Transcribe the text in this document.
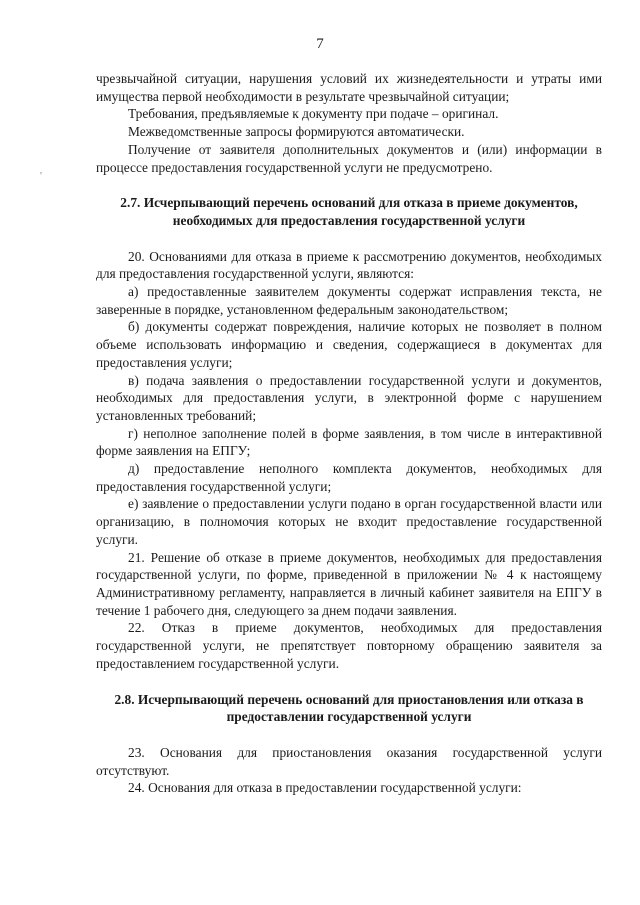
7
'

чрезвычайной ситуации, нарушения условий их жизнедеятельности и утраты ими имущества первой необходимости в результате чрезвычайной ситуации;

Требования, предъявляемые к документу при подаче – оригинал.

Межведомственные запросы формируются автоматически.

Получение от заявителя дополнительных документов и (или) информации в процессе предоставления государственной услуги не предусмотрено.

2.7. Исчерпывающий перечень оснований для отказа в приеме документов, необходимых для предоставления государственной услуги

20. Основаниями для отказа в приеме к рассмотрению документов, необходимых для предоставления государственной услуги, являются:

а) предоставленные заявителем документы содержат исправления текста, не заверенные в порядке, установленном федеральным законодательством;

б) документы содержат повреждения, наличие которых не позволяет в полном объеме использовать информацию и сведения, содержащиеся в документах для предоставления услуги;

в) подача заявления о предоставлении государственной услуги и документов, необходимых для предоставления услуги, в электронной форме с нарушением установленных требований;

г) неполное заполнение полей в форме заявления, в том числе в интерактивной форме заявления на ЕПГУ;

д) предоставление неполного комплекта документов, необходимых для предоставления государственной услуги;

е) заявление о предоставлении услуги подано в орган государственной власти или организацию, в полномочия которых не входит предоставление государственной услуги.

21. Решение об отказе в приеме документов, необходимых для предоставления государственной услуги, по форме, приведенной в приложении № 4 к настоящему Административному регламенту, направляется в личный кабинет заявителя на ЕПГУ в течение 1 рабочего дня, следующего за днем подачи заявления.

22. Отказ в приеме документов, необходимых для предоставления государственной услуги, не препятствует повторному обращению заявителя за предоставлением государственной услуги.

2.8. Исчерпывающий перечень оснований для приостановления или отказа в предоставлении государственной услуги

23. Основания для приостановления оказания государственной услуги отсутствуют.

24. Основания для отказа в предоставлении государственной услуги:
